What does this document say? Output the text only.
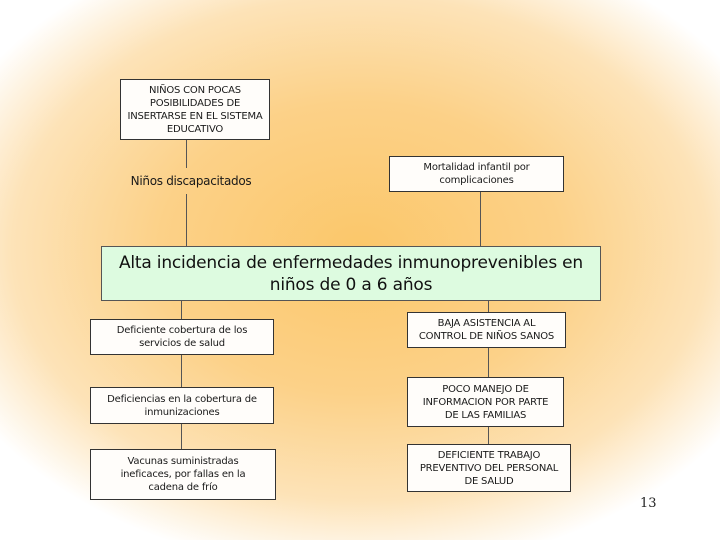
NIÑOS CON POCAS POSIBILIDADES DE INSERTARSE EN EL SISTEMA EDUCATIVO
Niños discapacitados
Mortalidad infantil por complicaciones
Alta incidencia de enfermedades inmunoprevenibles en niños de 0 a 6 años
Deficiente cobertura de los servicios de salud
Deficiencias en la cobertura de inmunizaciones
Vacunas suministradas ineficaces, por fallas en la cadena de frío
BAJA ASISTENCIA AL CONTROL DE NIÑOS SANOS
POCO MANEJO DE INFORMACION POR PARTE DE LAS FAMILIAS
DEFICIENTE TRABAJO PREVENTIVO DEL PERSONAL DE SALUD
13
